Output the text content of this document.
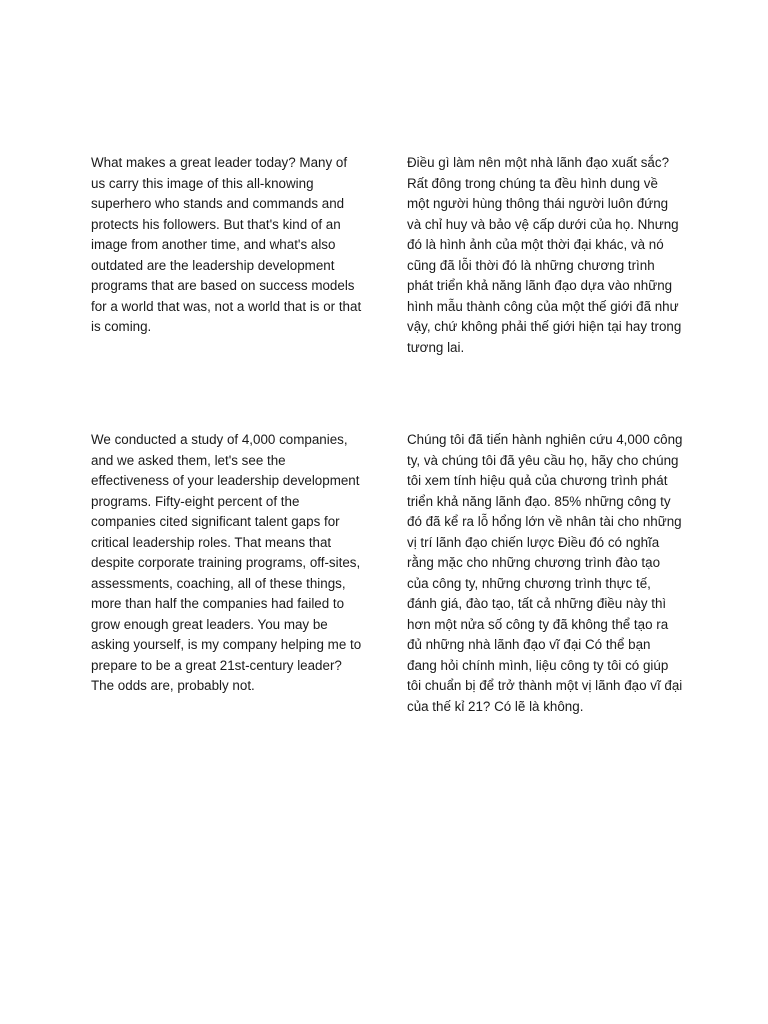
What makes a great leader today? Many of us carry this image of this all-knowing superhero who stands and commands and protects his followers. But that's kind of an image from another time, and what's also outdated are the leadership development programs that are based on success models for a world that was, not a world that is or that is coming.

Điều gì làm nên một nhà lãnh đạo xuất sắc? Rất đông trong chúng ta đều hình dung về một người hùng thông thái người luôn đứng và chỉ huy và bảo vệ cấp dưới của họ. Nhưng đó là hình ảnh của một thời đại khác, và nó cũng đã lỗi thời đó là những chương trình phát triển khả năng lãnh đạo dựa vào những hình mẫu thành công của một thế giới đã như vậy, chứ không phải thế giới hiện tại hay trong tương lai.

We conducted a study of 4,000 companies, and we asked them, let's see the effectiveness of your leadership development programs. Fifty-eight percent of the companies cited significant talent gaps for critical leadership roles. That means that despite corporate training programs, off-sites, assessments, coaching, all of these things, more than half the companies had failed to grow enough great leaders. You may be asking yourself, is my company helping me to prepare to be a great 21st-century leader? The odds are, probably not.

Chúng tôi đã tiến hành nghiên cứu 4,000 công ty, và chúng tôi đã yêu cầu họ, hãy cho chúng tôi xem tính hiệu quả của chương trình phát triển khả năng lãnh đạo. 85% những công ty đó đã kể ra lỗ hổng lớn về nhân tài cho những vị trí lãnh đạo chiến lược Điều đó có nghĩa rằng mặc cho những chương trình đào tạo của công ty, những chương trình thực tế, đánh giá, đào tạo, tất cả những điều này thì hơn một nửa số công ty đã không thể tạo ra đủ những nhà lãnh đạo vĩ đại Có thể bạn đang hỏi chính mình, liệu công ty tôi có giúp tôi chuẩn bị để trở thành một vị lãnh đạo vĩ đại của thế kỉ 21? Có lẽ là không.
